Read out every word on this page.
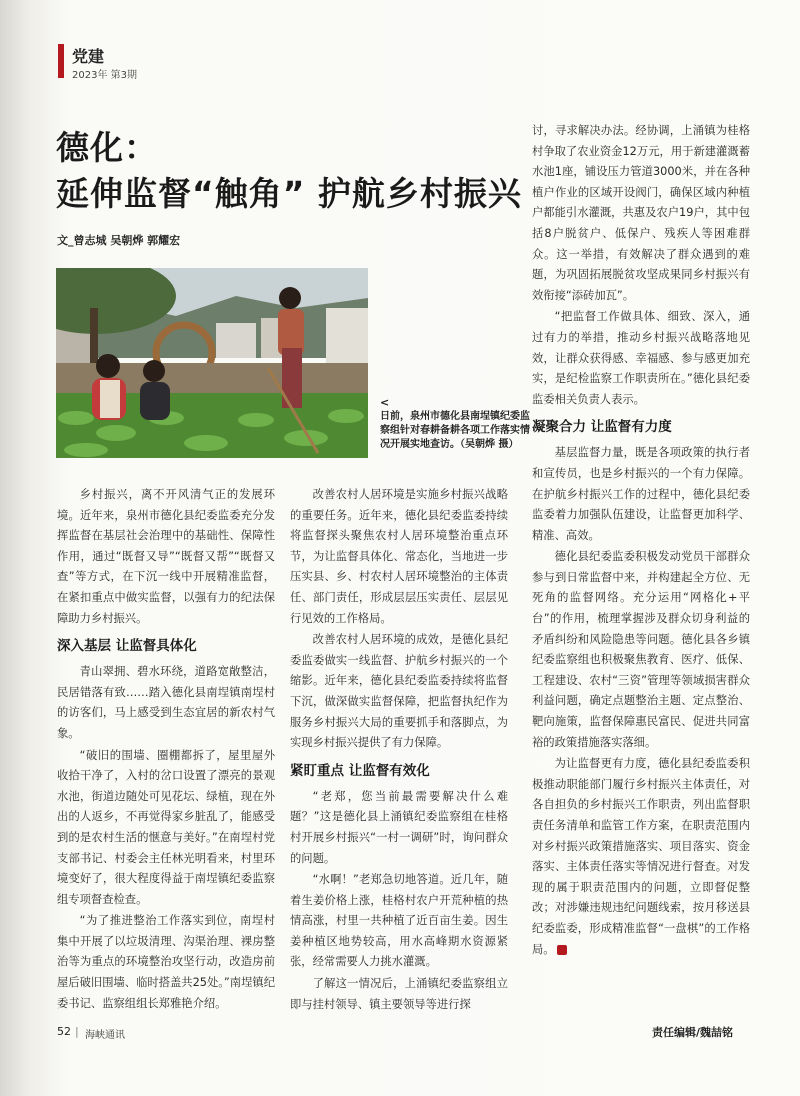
党建
2023年 第3期
德化：
延伸监督“触角” 护航乡村振兴
文_曾志城 吴朝烨 郭耀宏
<
日前，泉州市德化县南埕镇纪委监察组针对春耕备耕各项工作落实情况开展实地查访。（吴朝烨 摄）

乡村振兴，离不开风清气正的发展环境。近年来，泉州市德化县纪委监委充分发挥监督在基层社会治理中的基础性、保障性作用，通过“既督又导”“既督又帮”“既督又查”等方式，在下沉一线中开展精准监督，在紧扣重点中做实监督，以强有力的纪法保障助力乡村振兴。

深入基层 让监督具体化

青山翠拥、碧水环绕，道路宽敞整洁，民居错落有致……踏入德化县南埕镇南埕村的访客们，马上感受到生态宜居的新农村气象。

“破旧的围墙、圈棚都拆了，屋里屋外收拾干净了，入村的岔口设置了漂亮的景观水池，街道边随处可见花坛、绿植，现在外出的人返乡，不再觉得家乡脏乱了，能感受到的是农村生活的惬意与美好。”在南埕村党支部书记、村委会主任林光明看来，村里环境变好了，很大程度得益于南埕镇纪委监察组专项督查检查。

“为了推进整治工作落实到位，南埕村集中开展了以垃圾清理、沟渠治理、裸房整治等为重点的环境整治攻坚行动，改造房前屋后破旧围墙、临时搭盖共25处。”南埕镇纪委书记、监察组组长郑雅艳介绍。

改善农村人居环境是实施乡村振兴战略的重要任务。近年来，德化县纪委监委持续将监督探头聚焦农村人居环境整治重点环节，为让监督具体化、常态化，当地进一步压实县、乡、村农村人居环境整治的主体责任、部门责任，形成层层压实责任、层层见行见效的工作格局。

改善农村人居环境的成效，是德化县纪委监委做实一线监督、护航乡村振兴的一个缩影。近年来，德化县纪委监委持续将监督下沉，做深做实监督保障，把监督执纪作为服务乡村振兴大局的重要抓手和落脚点，为实现乡村振兴提供了有力保障。

紧盯重点 让监督有效化

“老郑，您当前最需要解决什么难题？”这是德化县上涌镇纪委监察组在桂格村开展乡村振兴“一村一调研”时，询问群众的问题。

“水啊！”老郑急切地答道。近几年，随着生姜价格上涨，桂格村农户开荒种植的热情高涨，村里一共种植了近百亩生姜。因生姜种植区地势较高，用水高峰期水资源紧张，经常需要人力挑水灌溉。

了解这一情况后，上涌镇纪委监察组立即与挂村领导、镇主要领导等进行探

讨，寻求解决办法。经协调，上涌镇为桂格村争取了农业资金12万元，用于新建灌溉蓄水池1座，铺设压力管道3000米，并在各种植户作业的区域开设阀门，确保区域内种植户都能引水灌溉，共惠及农户19户，其中包括8户脱贫户、低保户、残疾人等困难群众。这一举措，有效解决了群众遇到的难题，为巩固拓展脱贫攻坚成果同乡村振兴有效衔接“添砖加瓦”。

“把监督工作做具体、细致、深入，通过有力的举措，推动乡村振兴战略落地见效，让群众获得感、幸福感、参与感更加充实，是纪检监察工作职责所在。”德化县纪委监委相关负责人表示。

凝聚合力 让监督有力度

基层监督力量，既是各项政策的执行者和宣传员，也是乡村振兴的一个有力保障。在护航乡村振兴工作的过程中，德化县纪委监委着力加强队伍建设，让监督更加科学、精准、高效。

德化县纪委监委积极发动党员干部群众参与到日常监督中来，并构建起全方位、无死角的监督网络。充分运用“网格化+平台”的作用，梳理掌握涉及群众切身利益的矛盾纠纷和风险隐患等问题。德化县各乡镇纪委监察组也积极聚焦教育、医疗、低保、工程建设、农村“三资”管理等领域损害群众利益问题，确定点题整治主题、定点整治、靶向施策，监督保障惠民富民、促进共同富裕的政策措施落实落细。

为让监督更有力度，德化县纪委监委积极推动职能部门履行乡村振兴主体责任，对各自担负的乡村振兴工作职责，列出监督职责任务清单和监管工作方案，在职责范围内对乡村振兴政策措施落实、项目落实、资金落实、主体责任落实等情况进行督查。对发现的属于职责范围内的问题，立即督促整改；对涉嫌违规违纪问题线索，按月移送县纪委监委，形成精准监督“一盘棋”的工作格局。

责任编辑/魏喆铭
52 | 海峡通讯
